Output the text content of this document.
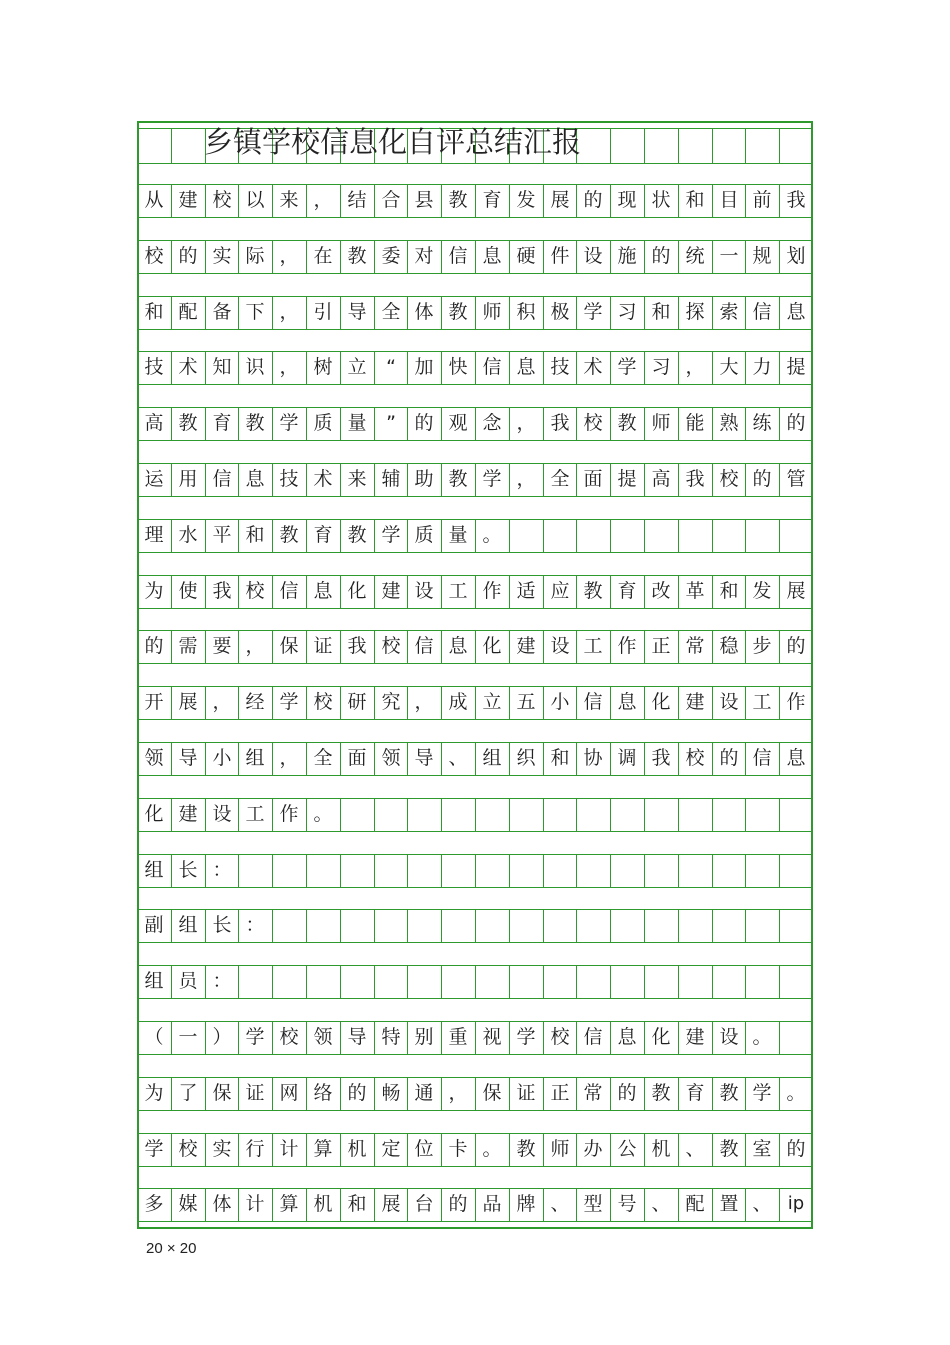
乡镇学校信息化自评总结汇报
从 建 校 以 来 ， 结 合 县 教 育 发 展 的 现 状 和 目 前 我
校 的 实 际 ， 在 教 委 对 信 息 硬 件 设 施 的 统 一 规 划
和 配 备 下 ， 引 导 全 体 教 师 积 极 学 习 和 探 索 信 息
技 术 知 识 ， 树 立	“ 加 快 信 息 技 术 学 习 ， 大 力 提
高 教 育 教 学 质 量	” 的 观 念 ， 我 校 教 师 能 熟 练 的
运 用 信 息 技 术 来 辅 助 教 学 ， 全 面 提 高 我 校 的 管
理 水 平 和 教 育 教 学 质 量 。
为 使 我 校 信 息 化 建 设 工 作 适 应 教 育 改 革 和 发 展
的 需 要 ， 保 证 我 校 信 息 化 建 设 工 作 正 常 稳 步 的
开 展 ， 经 学 校 研 究 ， 成 立 五 小 信 息 化 建 设 工 作
领 导 小 组 ， 全 面 领 导 、 组 织 和 协 调 我 校 的 信 息
化 建 设 工 作 。
组 长 ：
副 组 长 ：
组 员 ：
（ 一 ） 学 校 领 导 特 别 重 视 学 校 信 息 化 建 设 。
为 了 保 证 网 络 的 畅 通 ， 保 证 正 常 的 教 育 教 学 。
学 校 实 行 计 算 机 定 位 卡 。 教 师 办 公 机 、 教 室 的
多 媒 体 计 算 机 和 展 台 的 品 牌 、 型 号 、 配 置 、 ip
20 × 20
